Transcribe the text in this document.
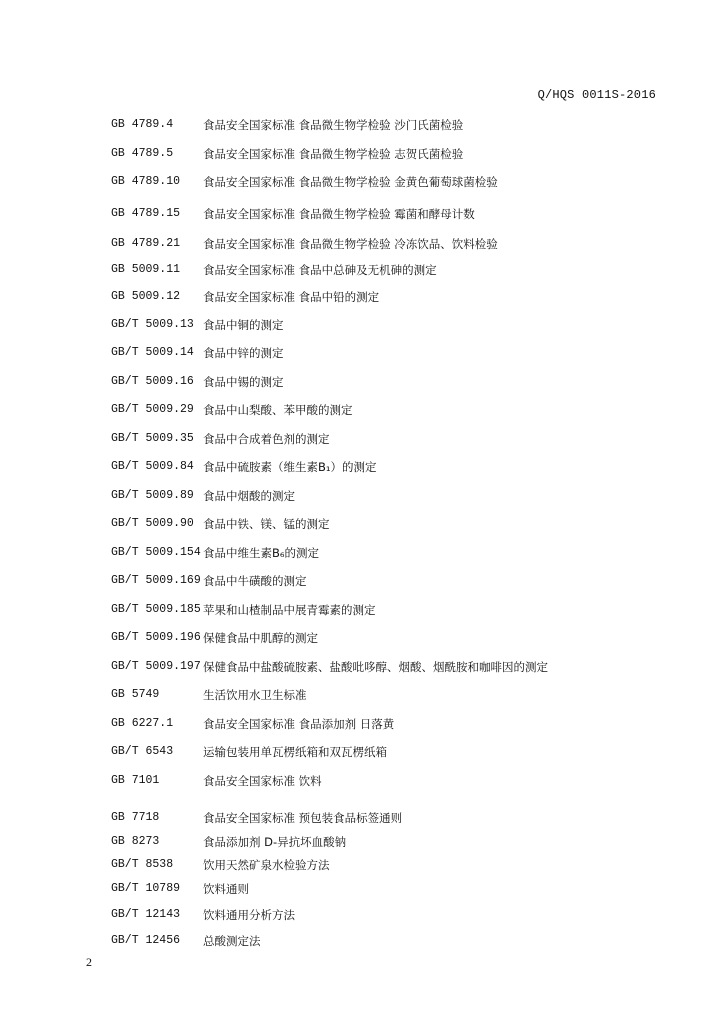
Q/HQS 0011S-2016
GB 4789.4	食品安全国家标准 食品微生物学检验 沙门氏菌检验
GB 4789.5	食品安全国家标准 食品微生物学检验 志贺氏菌检验
GB 4789.10 食品安全国家标准 食品微生物学检验 金黄色葡萄球菌检验
GB 4789.15 食品安全国家标准 食品微生物学检验 霉菌和酵母计数
GB 4789.21 食品安全国家标准 食品微生物学检验 冷冻饮品、饮料检验
GB 5009.11 食品安全国家标准 食品中总砷及无机砷的测定
GB 5009.12 食品安全国家标准 食品中铅的测定
GB/T 5009.13 食品中铜的测定
GB/T 5009.14 食品中锌的测定
GB/T 5009.16 食品中锡的测定
GB/T 5009.29 食品中山梨酸、苯甲酸的测定
GB/T 5009.35 食品中合成着色剂的测定
GB/T 5009.84 食品中硫胺素（维生素B₁）的测定
GB/T 5009.89 食品中烟酸的测定
GB/T 5009.90 食品中铁、镁、锰的测定
GB/T 5009.154 食品中维生素B₆的测定
GB/T 5009.169 食品中牛磺酸的测定
GB/T 5009.185 苹果和山楂制品中展青霉素的测定
GB/T 5009.196 保健食品中肌醇的测定
GB/T 5009.197 保健食品中盐酸硫胺素、盐酸吡哆醇、烟酸、烟酰胺和咖啡因的测定
GB 5749	生活饮用水卫生标准
GB 6227.1	食品安全国家标准 食品添加剂 日落黄
GB/T 6543	运输包装用单瓦楞纸箱和双瓦楞纸箱
GB 7101	食品安全国家标准 饮料
GB 7718	食品安全国家标准 预包装食品标签通则
GB 8273	食品添加剂 D-异抗坏血酸钠
GB/T 8538	饮用天然矿泉水检验方法
GB/T 10789 饮料通则
GB/T 12143 饮料通用分析方法
GB/T 12456 总酸测定法
2
